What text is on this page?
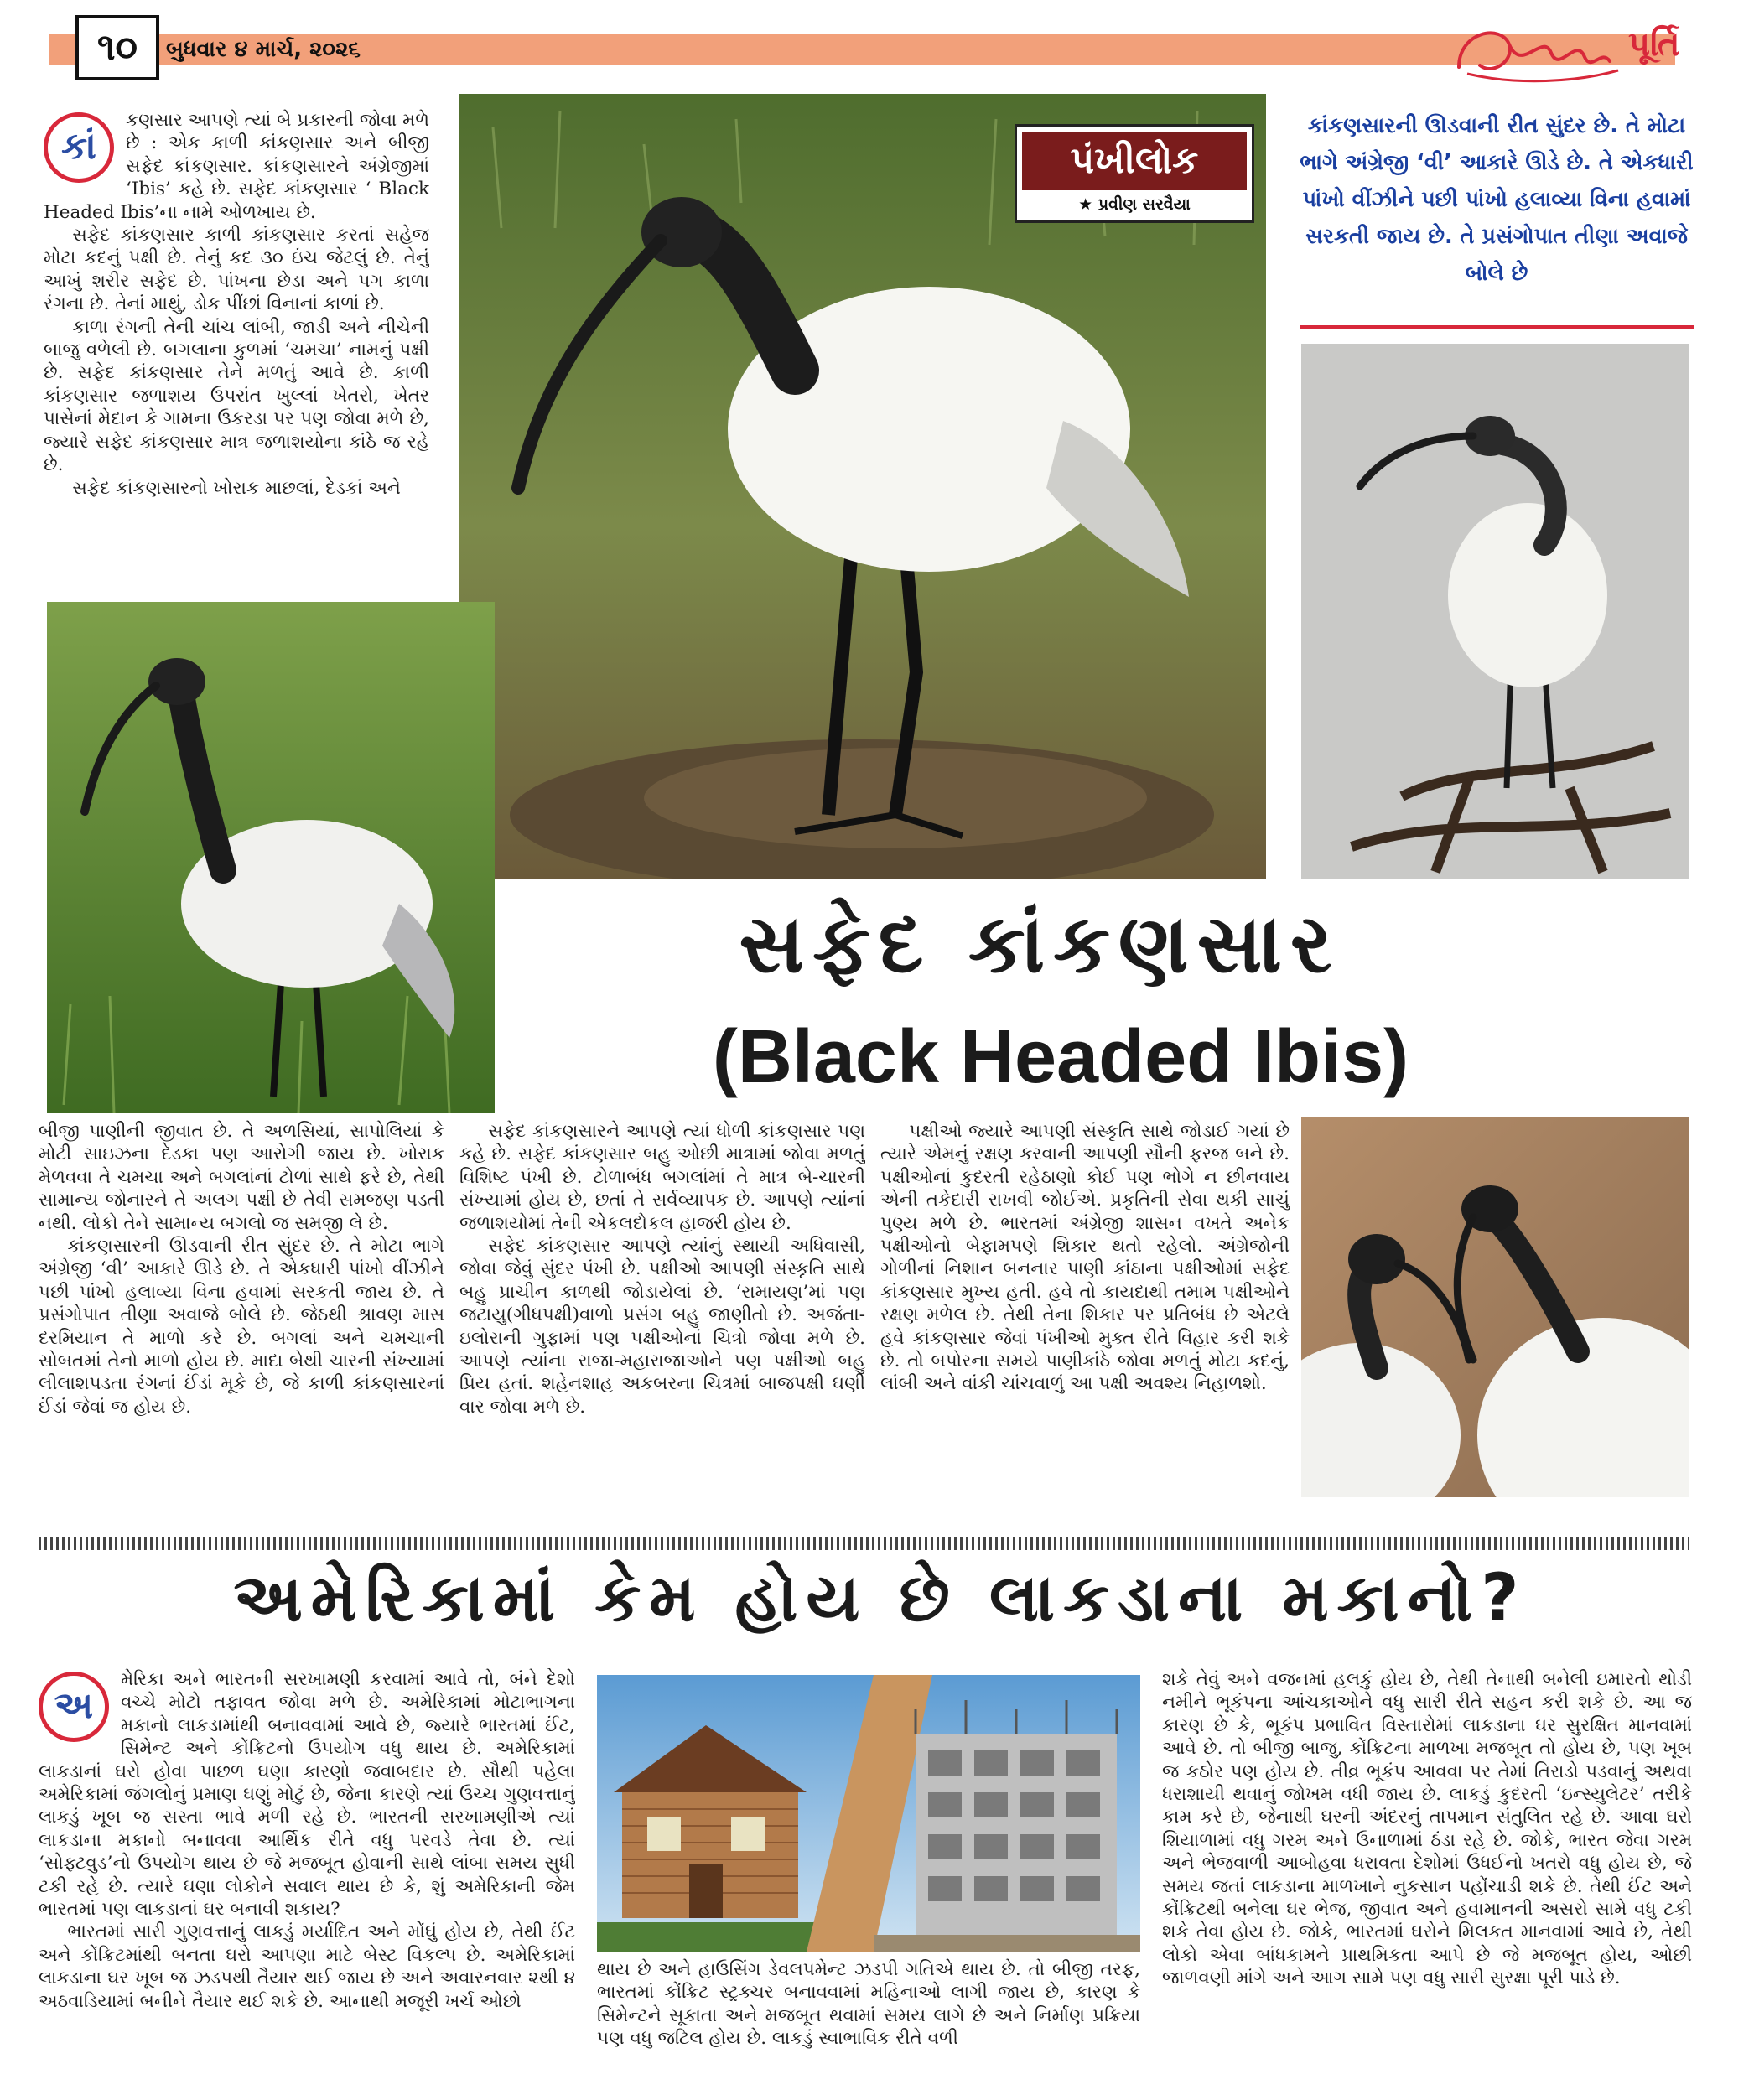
૧૦	બુધવાર ૪ માર્ચ, ૨૦૨૬	પૂર્તિ
કાં

કણસાર આપણે ત્યાં બે પ્રકારની જોવા મળે છે : એક કાળી કાંકણસાર અને બીજી સફેદ કાંકણસાર. કાંકણસારને અંગ્રેજીમાં ‘Ibis’ કહે છે. સફેદ કાંકણસાર ‘ Black Headed Ibis’ના નામે ઓળખાય છે.

સફેદ કાંકણસાર કાળી કાંકણસાર કરતાં સહેજ મોટા કદનું પક્ષી છે. તેનું કદ ૩૦ ઇંચ જેટલું છે. તેનું આખું શરીર સફેદ છે. પાંખના છેડા અને પગ કાળા રંગના છે. તેનાં માથું, ડોક પીંછાં વિનાનાં કાળાં છે.

કાળા રંગની તેની ચાંચ લાંબી, જાડી અને નીચેની બાજુ વળેલી છે. બગલાના કુળમાં ‘ચમચા’ નામનું પક્ષી છે. સફેદ કાંકણસાર તેને મળતું આવે છે. કાળી કાંકણસાર જળાશય ઉપરાંત ખુલ્લાં ખેતરો, ખેતર પાસેનાં મેદાન કે ગામના ઉકરડા પર પણ જોવા મળે છે, જ્યારે સફેદ કાંકણસાર માત્ર જળાશયોના કાંઠે જ રહે છે.

સફેદ કાંકણસારનો ખોરાક માછલાં, દેડકાં અને

પંખીલોક
★ પ્રવીણ સરવૈયા
કાંકણસારની ઊડવાની રીત સુંદર છે. તે મોટા ભાગે અંગ્રેજી ‘વી’ આકારે ઊડે છે. તે એકધારી પાંખો વીંઝીને પછી પાંખો હલાવ્યા વિના હવામાં સરકતી જાય છે. તે પ્રસંગોપાત તીણા અવાજે બોલે છે
સફેદ કાંકણસાર
(Black Headed Ibis)

બીજી પાણીની જીવાત છે. તે અળસિયાં, સાપોલિયાં કે મોટી સાઇઝના દેડકા પણ આરોગી જાય છે. ખોરાક મેળવવા તે ચમચા અને બગલાંનાં ટોળાં સાથે ફરે છે, તેથી સામાન્ય જોનારને તે અલગ પક્ષી છે તેવી સમજણ પડતી નથી. લોકો તેને સામાન્ય બગલો જ સમજી લે છે.

કાંકણસારની ઊડવાની રીત સુંદર છે. તે મોટા ભાગે અંગ્રેજી ‘વી’ આકારે ઊડે છે. તે એકધારી પાંખો વીંઝીને પછી પાંખો હલાવ્યા વિના હવામાં સરકતી જાય છે. તે પ્રસંગોપાત તીણા અવાજે બોલે છે. જેઠથી શ્રાવણ માસ દરમિયાન તે માળો કરે છે. બગલાં અને ચમચાની સોબતમાં તેનો માળો હોય છે. માદા બેથી ચારની સંખ્યામાં લીલાશપડતા રંગનાં ઈંડાં મૂકે છે, જે કાળી કાંકણસારનાં ઈંડાં જેવાં જ હોય છે.

સફેદ કાંકણસારને આપણે ત્યાં ધોળી કાંકણસાર પણ કહે છે. સફેદ કાંકણસાર બહુ ઓછી માત્રામાં જોવા મળતું વિશિષ્ટ પંખી છે. ટોળાબંધ બગલાંમાં તે માત્ર બે-ચારની સંખ્યામાં હોય છે, છતાં તે સર્વવ્યાપક છે. આપણે ત્યાંનાં જળાશયોમાં તેની એકલદોકલ હાજરી હોય છે.

સફેદ કાંકણસાર આપણે ત્યાંનું સ્થાયી અધિવાસી, જોવા જેવું સુંદર પંખી છે. પક્ષીઓ આપણી સંસ્કૃતિ સાથે બહુ પ્રાચીન કાળથી જોડાયેલાં છે. ‘રામાયણ’માં પણ જટાયુ(ગીધપક્ષી)વાળો પ્રસંગ બહુ જાણીતો છે. અજંતા-ઇલોરાની ગુફામાં પણ પક્ષીઓનાં ચિત્રો જોવા મળે છે. આપણે ત્યાંના રાજા-મહારાજાઓને પણ પક્ષીઓ બહુ પ્રિય હતાં. શહેનશાહ અકબરના ચિત્રમાં બાજપક્ષી ઘણી વાર જોવા મળે છે.

પક્ષીઓ જ્યારે આપણી સંસ્કૃતિ સાથે જોડાઈ ગયાં છે ત્યારે એમનું રક્ષણ કરવાની આપણી સૌની ફરજ બને છે. પક્ષીઓનાં કુદરતી રહેઠાણો કોઈ પણ ભોગે ન છીનવાય એની તકેદારી રાખવી જોઈએ. પ્રકૃતિની સેવા થકી સાચું પુણ્ય મળે છે. ભારતમાં અંગ્રેજી શાસન વખતે અનેક પક્ષીઓનો બેફામપણે શિકાર થતો રહેલો. અંગ્રેજોની ગોળીનાં નિશાન બનનાર પાણી કાંઠાના પક્ષીઓમાં સફેદ કાંકણસાર મુખ્ય હતી. હવે તો કાયદાથી તમામ પક્ષીઓને રક્ષણ મળેલ છે. તેથી તેના શિકાર પર પ્રતિબંધ છે એટલે હવે કાંકણસાર જેવાં પંખીઓ મુક્ત રીતે વિહાર કરી શકે છે. તો બપોરના સમયે પાણીકાંઠે જોવા મળતું મોટા કદનું, લાંબી અને વાંકી ચાંચવાળું આ પક્ષી અવશ્ય નિહાળશો.

અમેરિકામાં કેમ હોય છે લાકડાના મકાનો?
અ

મેરિકા અને ભારતની સરખામણી કરવામાં આવે તો, બંને દેશો વચ્ચે મોટો તફાવત જોવા મળે છે. અમેરિકામાં મોટાભાગના મકાનો લાકડામાંથી બનાવવામાં આવે છે, જ્યારે ભારતમાં ઈંટ, સિમેન્ટ અને કોંક્રિટનો ઉપયોગ વધુ થાય છે. અમેરિકામાં લાકડાનાં ઘરો હોવા પાછળ ઘણા કારણો જવાબદાર છે. સૌથી પહેલા અમેરિકામાં જંગલોનું પ્રમાણ ઘણું મોટું છે, જેના કારણે ત્યાં ઉચ્ચ ગુણવત્તાનું લાકડું ખૂબ જ સસ્તા ભાવે મળી રહે છે. ભારતની સરખામણીએ ત્યાં લાકડાના મકાનો બનાવવા આર્થિક રીતે વધુ પરવડે તેવા છે. ત્યાં ‘સોફ્ટવુડ’નો ઉપયોગ થાય છે જે મજબૂત હોવાની સાથે લાંબા સમય સુધી ટકી રહે છે. ત્યારે ઘણા લોકોને સવાલ થાય છે કે, શું અમેરિકાની જેમ ભારતમાં પણ લાકડાનાં ઘર બનાવી શકાય?

ભારતમાં સારી ગુણવત્તાનું લાકડું મર્યાદિત અને મોંઘું હોય છે, તેથી ઈંટ અને કોંક્રિટમાંથી બનતા ઘરો આપણા માટે બેસ્ટ વિકલ્પ છે. અમેરિકામાં લાકડાના ઘર ખૂબ જ ઝડપથી તૈયાર થઈ જાય છે અને અવારનવાર ૨થી ૪ અઠવાડિયામાં બનીને તૈયાર થઈ શકે છે. આનાથી મજૂરી ખર્ચ ઓછો

થાય છે અને હાઉસિંગ ડેવલપમેન્ટ ઝડપી ગતિએ થાય છે. તો બીજી તરફ, ભારતમાં કોંક્રિટ સ્ટ્રક્ચર બનાવવામાં મહિનાઓ લાગી જાય છે, કારણ કે સિમેન્ટને સૂકાતા અને મજબૂત થવામાં સમય લાગે છે અને નિર્માણ પ્રક્રિયા પણ વધુ જટિલ હોય છે. લાકડું સ્વાભાવિક રીતે વળી

શકે તેવું અને વજનમાં હલકું હોય છે, તેથી તેનાથી બનેલી ઇમારતો થોડી નમીને ભૂકંપના આંચકાઓને વધુ સારી રીતે સહન કરી શકે છે. આ જ કારણ છે કે, ભૂકંપ પ્રભાવિત વિસ્તારોમાં લાકડાના ઘર સુરક્ષિત માનવામાં આવે છે. તો બીજી બાજુ, કોંક્રિટના માળખા મજબૂત તો હોય છે, પણ ખૂબ જ કઠોર પણ હોય છે. તીવ્ર ભૂકંપ આવવા પર તેમાં તિરાડો પડવાનું અથવા ધરાશાયી થવાનું જોખમ વધી જાય છે. લાકડું કુદરતી ‘ઇન્સ્યુલેટર’ તરીકે કામ કરે છે, જેનાથી ઘરની અંદરનું તાપમાન સંતુલિત રહે છે. આવા ઘરો શિયાળામાં વધુ ગરમ અને ઉનાળામાં ઠંડા રહે છે. જોકે, ભારત જેવા ગરમ અને ભેજવાળી આબોહવા ધરાવતા દેશોમાં ઉધઈનો ખતરો વધુ હોય છે, જે સમય જતાં લાકડાના માળખાને નુકસાન પહોંચાડી શકે છે. તેથી ઈંટ અને કોંક્રિટથી બનેલા ઘર ભેજ, જીવાત અને હવામાનની અસરો સામે વધુ ટકી શકે તેવા હોય છે. જોકે, ભારતમાં ઘરોને મિલકત માનવામાં આવે છે, તેથી લોકો એવા બાંધકામને પ્રાથમિકતા આપે છે જે મજબૂત હોય, ઓછી જાળવણી માંગે અને આગ સામે પણ વધુ સારી સુરક્ષા પૂરી પાડે છે.
